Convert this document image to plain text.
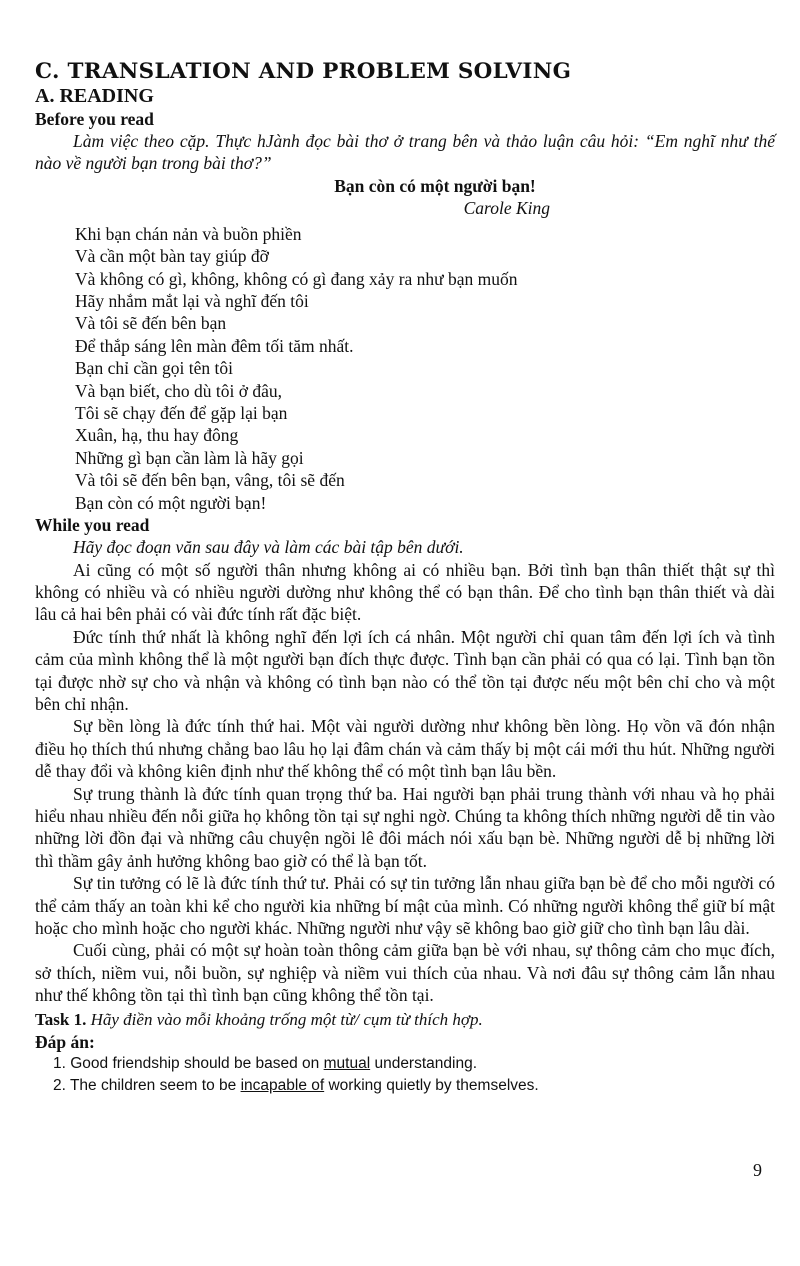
C. TRANSLATION AND PROBLEM SOLVING
A. READING
Before you read

Làm việc theo cặp. Thực hJành đọc bài thơ ở trang bên và thảo luận câu hỏi: “Em nghĩ như thế nào về người bạn trong bài thơ?”

Bạn còn có một người bạn!
Carole King
Khi bạn chán nản và buồn phiền
Và cần một bàn tay giúp đỡ
Và không có gì, không, không có gì đang xảy ra như bạn muốn
Hãy nhắm mắt lại và nghĩ đến tôi
Và tôi sẽ đến bên bạn
Để thắp sáng lên màn đêm tối tăm nhất.
Bạn chỉ cần gọi tên tôi
Và bạn biết, cho dù tôi ở đâu,
Tôi sẽ chạy đến để gặp lại bạn
Xuân, hạ, thu hay đông
Những gì bạn cần làm là hãy gọi
Và tôi sẽ đến bên bạn, vâng, tôi sẽ đến
Bạn còn có một người bạn!
While you read

Hãy đọc đoạn văn sau đây và làm các bài tập bên dưới.

Ai cũng có một số người thân nhưng không ai có nhiều bạn. Bởi tình bạn thân thiết thật sự thì không có nhiều và có nhiều người dường như không thể có bạn thân. Để cho tình bạn thân thiết và dài lâu cả hai bên phải có vài đức tính rất đặc biệt.

Đức tính thứ nhất là không nghĩ đến lợi ích cá nhân. Một người chỉ quan tâm đến lợi ích và tình cảm của mình không thể là một người bạn đích thực được. Tình bạn cần phải có qua có lại. Tình bạn tồn tại được nhờ sự cho và nhận và không có tình bạn nào có thể tồn tại được nếu một bên chỉ cho và một bên chỉ nhận.

Sự bền lòng là đức tính thứ hai. Một vài người dường như không bền lòng. Họ vồn vã đón nhận điều họ thích thú nhưng chẳng bao lâu họ lại đâm chán và cảm thấy bị một cái mới thu hút. Những người dễ thay đổi và không kiên định như thế không thể có một tình bạn lâu bền.

Sự trung thành là đức tính quan trọng thứ ba. Hai người bạn phải trung thành với nhau và họ phải hiểu nhau nhiều đến nỗi giữa họ không tồn tại sự nghi ngờ. Chúng ta không thích những người dễ tin vào những lời đồn đại và những câu chuyện ngồi lê đôi mách nói xấu bạn bè. Những người dễ bị những lời thì thầm gây ảnh hưởng không bao giờ có thể là bạn tốt.

Sự tin tưởng có lẽ là đức tính thứ tư. Phải có sự tin tưởng lẫn nhau giữa bạn bè để cho mỗi người có thể cảm thấy an toàn khi kể cho người kia những bí mật của mình. Có những người không thể giữ bí mật hoặc cho mình hoặc cho người khác. Những người như vậy sẽ không bao giờ giữ cho tình bạn lâu dài.

Cuối cùng, phải có một sự hoàn toàn thông cảm giữa bạn bè với nhau, sự thông cảm cho mục đích, sở thích, niềm vui, nỗi buồn, sự nghiệp và niềm vui thích của nhau. Và nơi đâu sự thông cảm lẫn nhau như thế không tồn tại thì tình bạn cũng không thể tồn tại.

Task 1. Hãy điền vào mỗi khoảng trống một từ/ cụm từ thích hợp.
Đáp án:
1. Good friendship should be based on mutual understanding.
2. The children seem to be incapable of working quietly by themselves.
9
